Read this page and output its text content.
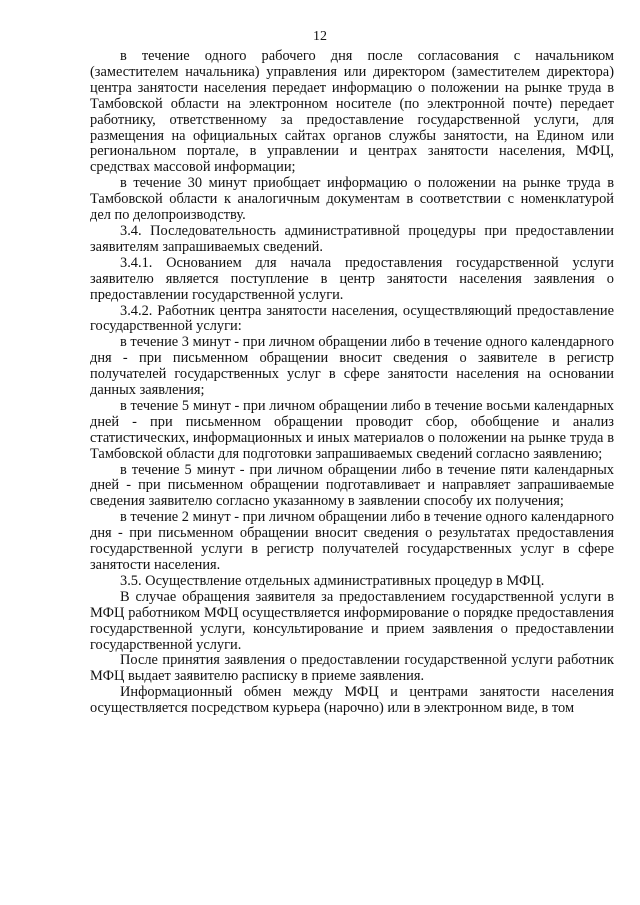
12

в течение одного рабочего дня после согласования с начальником (заместителем начальника) управления или директором (заместителем директора) центра занятости населения передает информацию о положении на рынке труда в Тамбовской области на электронном носителе (по электронной почте) передает работнику, ответственному за предоставление государственной услуги, для размещения на официальных сайтах органов службы занятости, на Едином или региональном портале, в управлении и центрах занятости населения, МФЦ, средствах массовой информации;

в течение 30 минут приобщает информацию о положении на рынке труда в Тамбовской области к аналогичным документам в соответствии с номенклатурой дел по делопроизводству.

3.4. Последовательность административной процедуры при предоставлении заявителям запрашиваемых сведений.

3.4.1. Основанием для начала предоставления государственной услуги заявителю является поступление в центр занятости населения заявления о предоставлении государственной услуги.

3.4.2. Работник центра занятости населения, осуществляющий предоставление государственной услуги:

в течение 3 минут - при личном обращении либо в течение одного календарного дня - при письменном обращении вносит сведения о заявителе в регистр получателей государственных услуг в сфере занятости населения на основании данных заявления;

в течение 5 минут - при личном обращении либо в течение восьми календарных дней - при письменном обращении проводит сбор, обобщение и анализ статистических, информационных и иных материалов о положении на рынке труда в Тамбовской области для подготовки запрашиваемых сведений согласно заявлению;

в течение 5 минут - при личном обращении либо в течение пяти календарных дней - при письменном обращении подготавливает и направляет запрашиваемые сведения заявителю согласно указанному в заявлении способу их получения;

в течение 2 минут - при личном обращении либо в течение одного календарного дня - при письменном обращении вносит сведения о результатах предоставления государственной услуги в регистр получателей государственных услуг в сфере занятости населения.

3.5. Осуществление отдельных административных процедур в МФЦ.

В случае обращения заявителя за предоставлением государственной услуги в МФЦ работником МФЦ осуществляется информирование о порядке предоставления государственной услуги, консультирование и прием заявления о предоставлении государственной услуги.

После принятия заявления о предоставлении государственной услуги работник МФЦ выдает заявителю расписку в приеме заявления.

Информационный обмен между МФЦ и центрами занятости населения осуществляется посредством курьера (нарочно) или в электронном виде, в том
